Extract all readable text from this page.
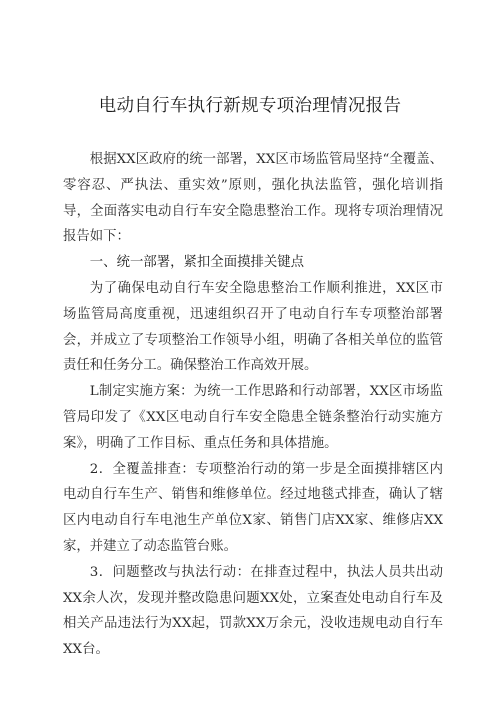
电动自行车执行新规专项治理情况报告

根据XX区政府的统一部署，XX区市场监管局坚持“全覆盖、零容忍、严执法、重实效”原则，强化执法监管，强化培训指导，全面落实电动自行车安全隐患整治工作。现将专项治理情况报告如下：

一、统一部署，紧扣全面摸排关键点

为了确保电动自行车安全隐患整治工作顺利推进，XX区市场监管局高度重视，迅速组织召开了电动自行车专项整治部署会，并成立了专项整治工作领导小组，明确了各相关单位的监管责任和任务分工。确保整治工作高效开展。

L制定实施方案：为统一工作思路和行动部署，XX区市场监管局印发了《XX区电动自行车安全隐患全链条整治行动实施方案》，明确了工作目标、重点任务和具体措施。

2．全覆盖排查：专项整治行动的第一步是全面摸排辖区内电动自行车生产、销售和维修单位。经过地毯式排查，确认了辖区内电动自行车电池生产单位X家、销售门店XX家、维修店XX家，并建立了动态监管台账。

3．问题整改与执法行动：在排查过程中，执法人员共出动XX余人次，发现并整改隐患问题XX处，立案查处电动自行车及相关产品违法行为XX起，罚款XX万余元，没收违规电动自行车XX台。
